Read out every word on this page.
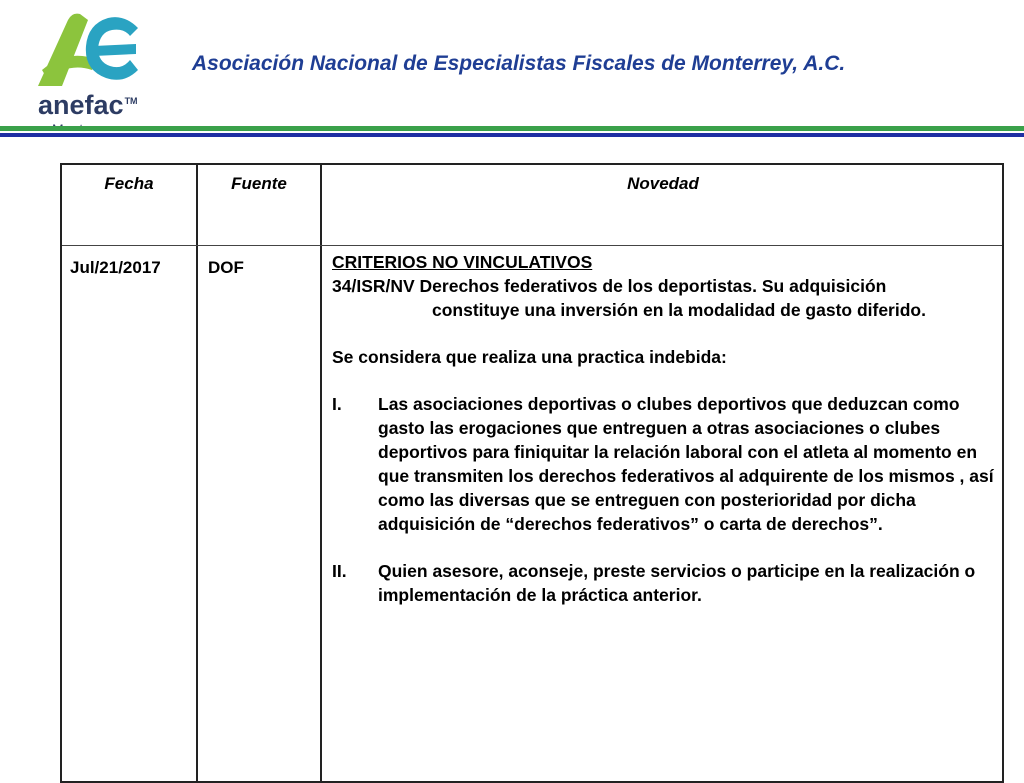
anefac™
Asociación Nacional de Especialistas Fiscales de Monterrey, A.C.
Fecha	Fuente	Novedad
Jul/21/2017	DOF	CRITERIOS NO VINCULATIVOS

34/ISR/NV Derechos federativos de los deportistas. Su adquisición

constituye una inversión en la modalidad de gasto diferido.

Se considera que realiza una practica indebida:

I. Las asociaciones deportivas o clubes deportivos que deduzcan como gasto las erogaciones que entreguen a otras asociaciones o clubes deportivos para finiquitar la relación laboral con el atleta al momento en que transmiten los derechos federativos al adquirente de los mismos , así como las diversas que se entreguen con posterioridad por dicha adquisición de “derechos federativos” o carta de derechos”.

II. Quien asesore, aconseje, preste servicios o participe en la realización o implementación de la práctica anterior.
